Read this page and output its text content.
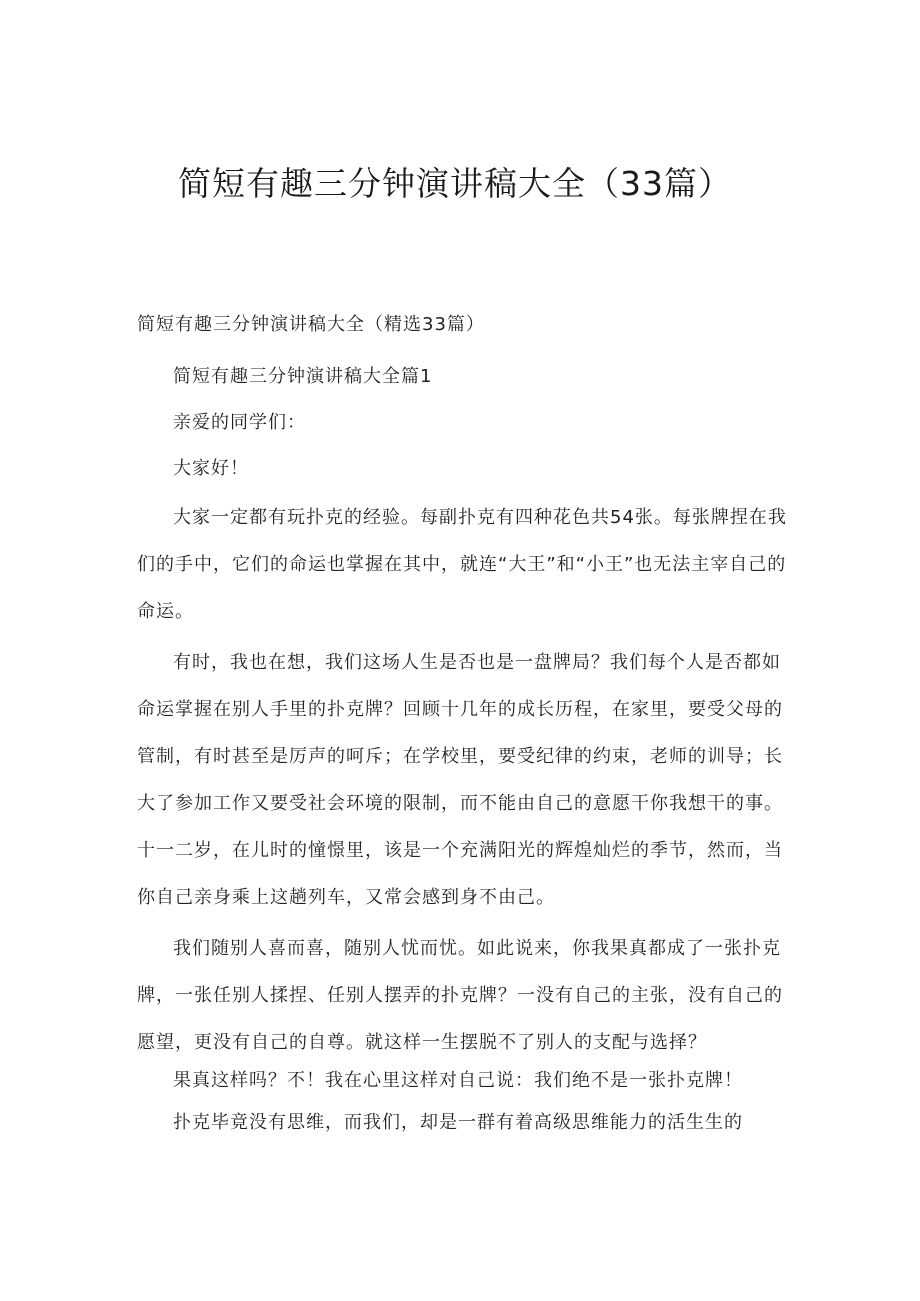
简短有趣三分钟演讲稿大全（33篇）
简短有趣三分钟演讲稿大全（精选33篇）

简短有趣三分钟演讲稿大全篇1

亲爱的同学们：

大家好！

大家一定都有玩扑克的经验。每副扑克有四种花色共54张。每张牌捏在我们的手中，它们的命运也掌握在其中，就连“大王”和“小王”也无法主宰自己的命运。

有时，我也在想，我们这场人生是否也是一盘牌局？我们每个人是否都如命运掌握在别人手里的扑克牌？回顾十几年的成长历程，在家里，要受父母的管制，有时甚至是厉声的呵斥；在学校里，要受纪律的约束，老师的训导；长大了参加工作又要受社会环境的限制，而不能由自己的意愿干你我想干的事。十一二岁，在儿时的憧憬里，该是一个充满阳光的辉煌灿烂的季节，然而，当你自己亲身乘上这趟列车，又常会感到身不由己。

我们随别人喜而喜，随别人忧而忧。如此说来，你我果真都成了一张扑克牌，一张任别人揉捏、任别人摆弄的扑克牌？一没有自己的主张，没有自己的愿望，更没有自己的自尊。就这样一生摆脱不了别人的支配与选择？

果真这样吗？不！我在心里这样对自己说：我们绝不是一张扑克牌！

扑克毕竟没有思维，而我们，却是一群有着高级思维能力的活生生的
